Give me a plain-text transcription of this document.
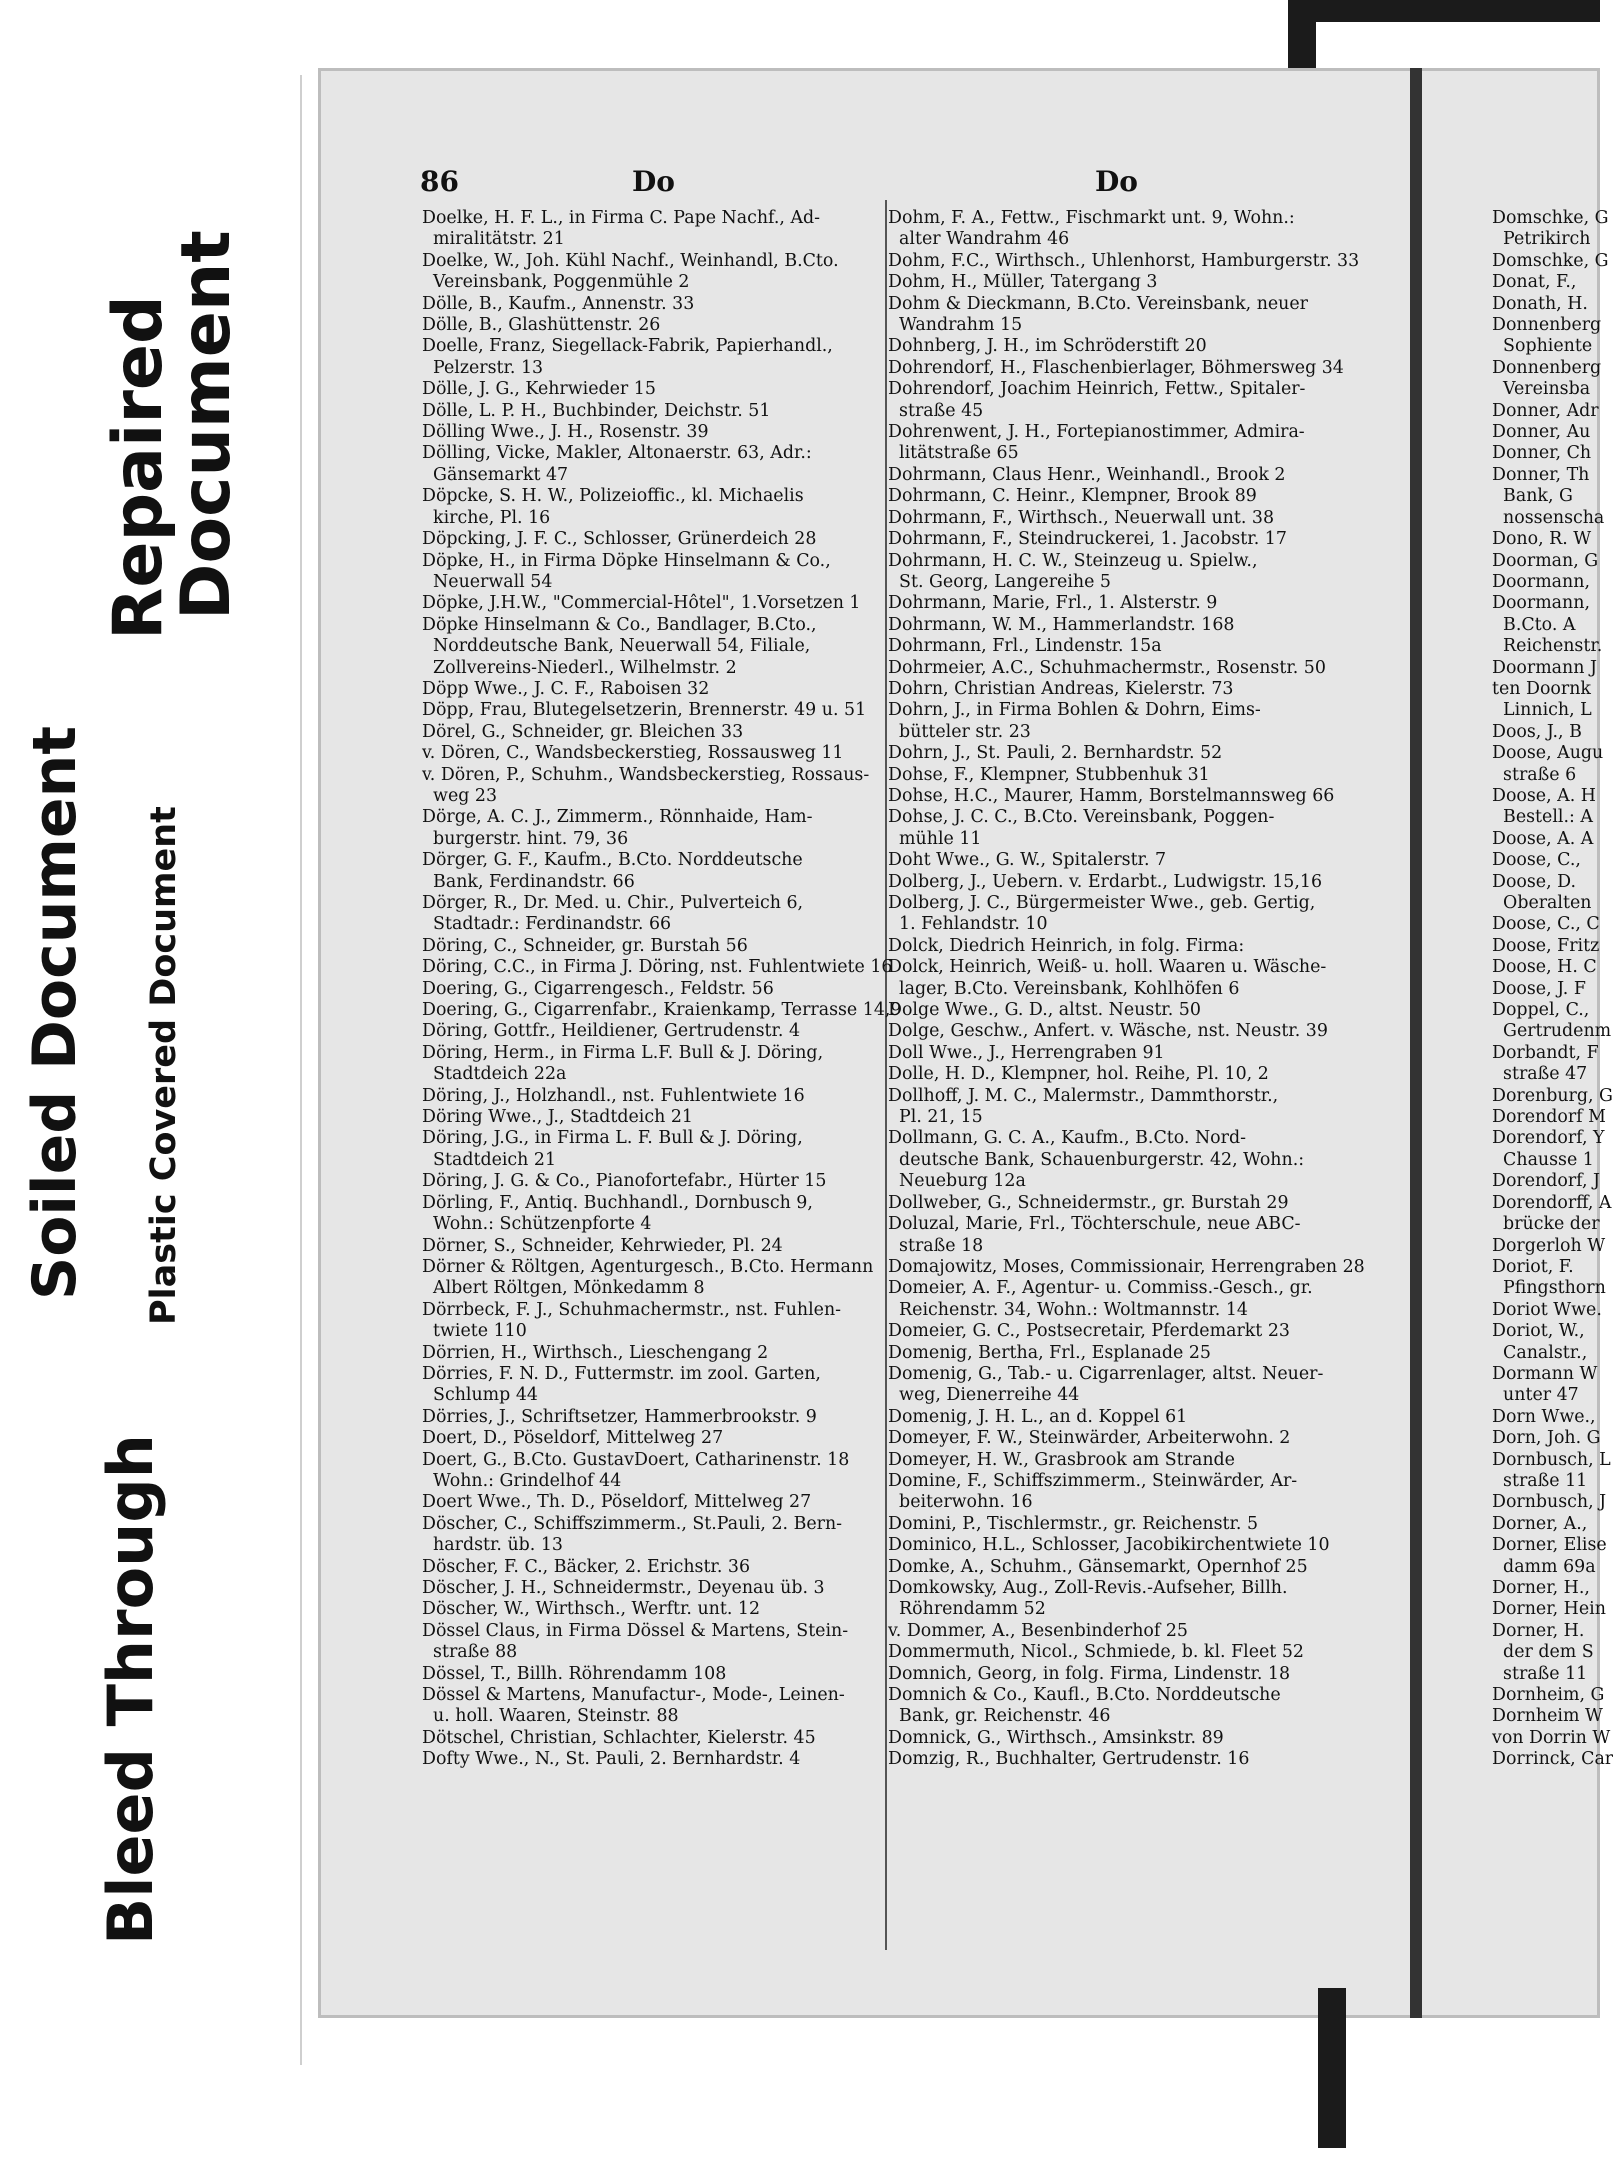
Bleed Through
Soiled Document Plastic Covered Document
Repaired
Document
86	Do	Do
Doelke, H. F. L., in Firma C. Pape Nachf., Ad-
miralitätstr. 21
Doelke, W., Joh. Kühl Nachf., Weinhandl, B.Cto.
Vereinsbank, Poggenmühle 2
Dölle, B., Kaufm., Annenstr. 33
Dölle, B., Glashüttenstr. 26
Doelle, Franz, Siegellack-Fabrik, Papierhandl.,
Pelzerstr. 13
Dölle, J. G., Kehrwieder 15
Dölle, L. P. H., Buchbinder, Deichstr. 51
Dölling Wwe., J. H., Rosenstr. 39
Dölling, Vicke, Makler, Altonaerstr. 63, Adr.:
Gänsemarkt 47
Döpcke, S. H. W., Polizeioffic., kl. Michaelis
kirche, Pl. 16
Döpcking, J. F. C., Schlosser, Grünerdeich 28
Döpke, H., in Firma Döpke Hinselmann & Co.,
Neuerwall 54
Döpke, J.H.W., "Commercial-Hôtel", 1.Vorsetzen 1
Döpke Hinselmann & Co., Bandlager, B.Cto.,
Norddeutsche Bank, Neuerwall 54, Filiale,
Zollvereins-Niederl., Wilhelmstr. 2
Döpp Wwe., J. C. F., Raboisen 32
Döpp, Frau, Blutegelsetzerin, Brennerstr. 49 u. 51
Dörel, G., Schneider, gr. Bleichen 33
v. Dören, C., Wandsbeckerstieg, Rossausweg 11
v. Dören, P., Schuhm., Wandsbeckerstieg, Rossaus-
weg 23
Dörge, A. C. J., Zimmerm., Rönnhaide, Ham-
burgerstr. hint. 79, 36
Dörger, G. F., Kaufm., B.Cto. Norddeutsche
Bank, Ferdinandstr. 66
Dörger, R., Dr. Med. u. Chir., Pulverteich 6,
Stadtadr.: Ferdinandstr. 66
Döring, C., Schneider, gr. Burstah 56
Döring, C.C., in Firma J. Döring, nst. Fuhlentwiete 16
Doering, G., Cigarrengesch., Feldstr. 56
Doering, G., Cigarrenfabr., Kraienkamp, Terrasse 14,9
Döring, Gottfr., Heildiener, Gertrudenstr. 4
Döring, Herm., in Firma L.F. Bull & J. Döring,
Stadtdeich 22a
Döring, J., Holzhandl., nst. Fuhlentwiete 16
Döring Wwe., J., Stadtdeich 21
Döring, J.G., in Firma L. F. Bull & J. Döring,
Stadtdeich 21
Döring, J. G. & Co., Pianofortefabr., Hürter 15
Dörling, F., Antiq. Buchhandl., Dornbusch 9,
Wohn.: Schützenpforte 4
Dörner, S., Schneider, Kehrwieder, Pl. 24
Dörner & Röltgen, Agenturgesch., B.Cto. Hermann
Albert Röltgen, Mönkedamm 8
Dörrbeck, F. J., Schuhmachermstr., nst. Fuhlen-
twiete 110
Dörrien, H., Wirthsch., Lieschengang 2
Dörries, F. N. D., Futtermstr. im zool. Garten,
Schlump 44
Dörries, J., Schriftsetzer, Hammerbrookstr. 9
Doert, D., Pöseldorf, Mittelweg 27
Doert, G., B.Cto. GustavDoert, Catharinenstr. 18
Wohn.: Grindelhof 44
Doert Wwe., Th. D., Pöseldorf, Mittelweg 27
Döscher, C., Schiffszimmerm., St.Pauli, 2. Bern-
hardstr. üb. 13
Döscher, F. C., Bäcker, 2. Erichstr. 36
Döscher, J. H., Schneidermstr., Deyenau üb. 3
Döscher, W., Wirthsch., Werftr. unt. 12
Dössel Claus, in Firma Dössel & Martens, Stein-
straße 88
Dössel, T., Billh. Röhrendamm 108
Dössel & Martens, Manufactur-, Mode-, Leinen-
u. holl. Waaren, Steinstr. 88
Dötschel, Christian, Schlachter, Kielerstr. 45
Dofty Wwe., N., St. Pauli, 2. Bernhardstr. 4
Dohm, F. A., Fettw., Fischmarkt unt. 9, Wohn.:
alter Wandrahm 46
Dohm, F.C., Wirthsch., Uhlenhorst, Hamburgerstr. 33
Dohm, H., Müller, Tatergang 3
Dohm & Dieckmann, B.Cto. Vereinsbank, neuer
Wandrahm 15
Dohnberg, J. H., im Schröderstift 20
Dohrendorf, H., Flaschenbierlager, Böhmersweg 34
Dohrendorf, Joachim Heinrich, Fettw., Spitaler-
straße 45
Dohrenwent, J. H., Fortepianostimmer, Admira-
litätstraße 65
Dohrmann, Claus Henr., Weinhandl., Brook 2
Dohrmann, C. Heinr., Klempner, Brook 89
Dohrmann, F., Wirthsch., Neuerwall unt. 38
Dohrmann, F., Steindruckerei, 1. Jacobstr. 17
Dohrmann, H. C. W., Steinzeug u. Spielw.,
St. Georg, Langereihe 5
Dohrmann, Marie, Frl., 1. Alsterstr. 9
Dohrmann, W. M., Hammerlandstr. 168
Dohrmann, Frl., Lindenstr. 15a
Dohrmeier, A.C., Schuhmachermstr., Rosenstr. 50
Dohrn, Christian Andreas, Kielerstr. 73
Dohrn, J., in Firma Bohlen & Dohrn, Eims-
bütteler str. 23
Dohrn, J., St. Pauli, 2. Bernhardstr. 52
Dohse, F., Klempner, Stubbenhuk 31
Dohse, H.C., Maurer, Hamm, Borstelmannsweg 66
Dohse, J. C. C., B.Cto. Vereinsbank, Poggen-
mühle 11
Doht Wwe., G. W., Spitalerstr. 7
Dolberg, J., Uebern. v. Erdarbt., Ludwigstr. 15,16
Dolberg, J. C., Bürgermeister Wwe., geb. Gertig,
1. Fehlandstr. 10
Dolck, Diedrich Heinrich, in folg. Firma:
Dolck, Heinrich, Weiß- u. holl. Waaren u. Wäsche-
lager, B.Cto. Vereinsbank, Kohlhöfen 6
Dolge Wwe., G. D., altst. Neustr. 50
Dolge, Geschw., Anfert. v. Wäsche, nst. Neustr. 39
Doll Wwe., J., Herrengraben 91
Dolle, H. D., Klempner, hol. Reihe, Pl. 10, 2
Dollhoff, J. M. C., Malermstr., Dammthorstr.,
Pl. 21, 15
Dollmann, G. C. A., Kaufm., B.Cto. Nord-
deutsche Bank, Schauenburgerstr. 42, Wohn.:
Neueburg 12a
Dollweber, G., Schneidermstr., gr. Burstah 29
Doluzal, Marie, Frl., Töchterschule, neue ABC-
straße 18
Domajowitz, Moses, Commissionair, Herrengraben 28
Domeier, A. F., Agentur- u. Commiss.-Gesch., gr.
Reichenstr. 34, Wohn.: Woltmannstr. 14
Domeier, G. C., Postsecretair, Pferdemarkt 23
Domenig, Bertha, Frl., Esplanade 25
Domenig, G., Tab.- u. Cigarrenlager, altst. Neuer-
weg, Dienerreihe 44
Domenig, J. H. L., an d. Koppel 61
Domeyer, F. W., Steinwärder, Arbeiterwohn. 2
Domeyer, H. W., Grasbrook am Strande
Domine, F., Schiffszimmerm., Steinwärder, Ar-
beiterwohn. 16
Domini, P., Tischlermstr., gr. Reichenstr. 5
Dominico, H.L., Schlosser, Jacobikirchentwiete 10
Domke, A., Schuhm., Gänsemarkt, Opernhof 25
Domkowsky, Aug., Zoll-Revis.-Aufseher, Billh.
Röhrendamm 52
v. Dommer, A., Besenbinderhof 25
Dommermuth, Nicol., Schmiede, b. kl. Fleet 52
Domnich, Georg, in folg. Firma, Lindenstr. 18
Domnich & Co., Kaufl., B.Cto. Norddeutsche
Bank, gr. Reichenstr. 46
Domnick, G., Wirthsch., Amsinkstr. 89
Domzig, R., Buchhalter, Gertrudenstr. 16
Domschke, G
Petrikirch
Domschke, G
Donat, F.,
Donath, H.
Donnenberg
Sophiente
Donnenberg
Vereinsba
Donner, Adr
Donner, Au
Donner, Ch
Donner, Th
Bank, G
nossenscha
Dono, R. W
Doorman, G
Doormann,
Doormann,
B.Cto. A
Reichenstr.
Doormann J
ten Doornk
Linnich, L
Doos, J., B
Doose, Augu
straße 6
Doose, A. H
Bestell.: A
Doose, A. A
Doose, C.,
Doose, D.
Oberalten
Doose, C., C
Doose, Fritz
Doose, H. C
Doose, J. F
Doppel, C.,
Gertrudenm
Dorbandt, F
straße 47
Dorenburg, G
Dorendorf M
Dorendorf, Y
Chausse 1
Dorendorf, J
Dorendorff, A
brücke der
Dorgerloh W
Doriot, F.
Pfingsthorn
Doriot Wwe.
Doriot, W.,
Canalstr.,
Dormann W
unter 47
Dorn Wwe.,
Dorn, Joh. G
Dornbusch, L
straße 11
Dornbusch, J
Dorner, A.,
Dorner, Elise
damm 69a
Dorner, H.,
Dorner, Hein
Dorner, H.
der dem S
straße 11
Dornheim, G
Dornheim W
von Dorrin W
Dorrinck, Car
